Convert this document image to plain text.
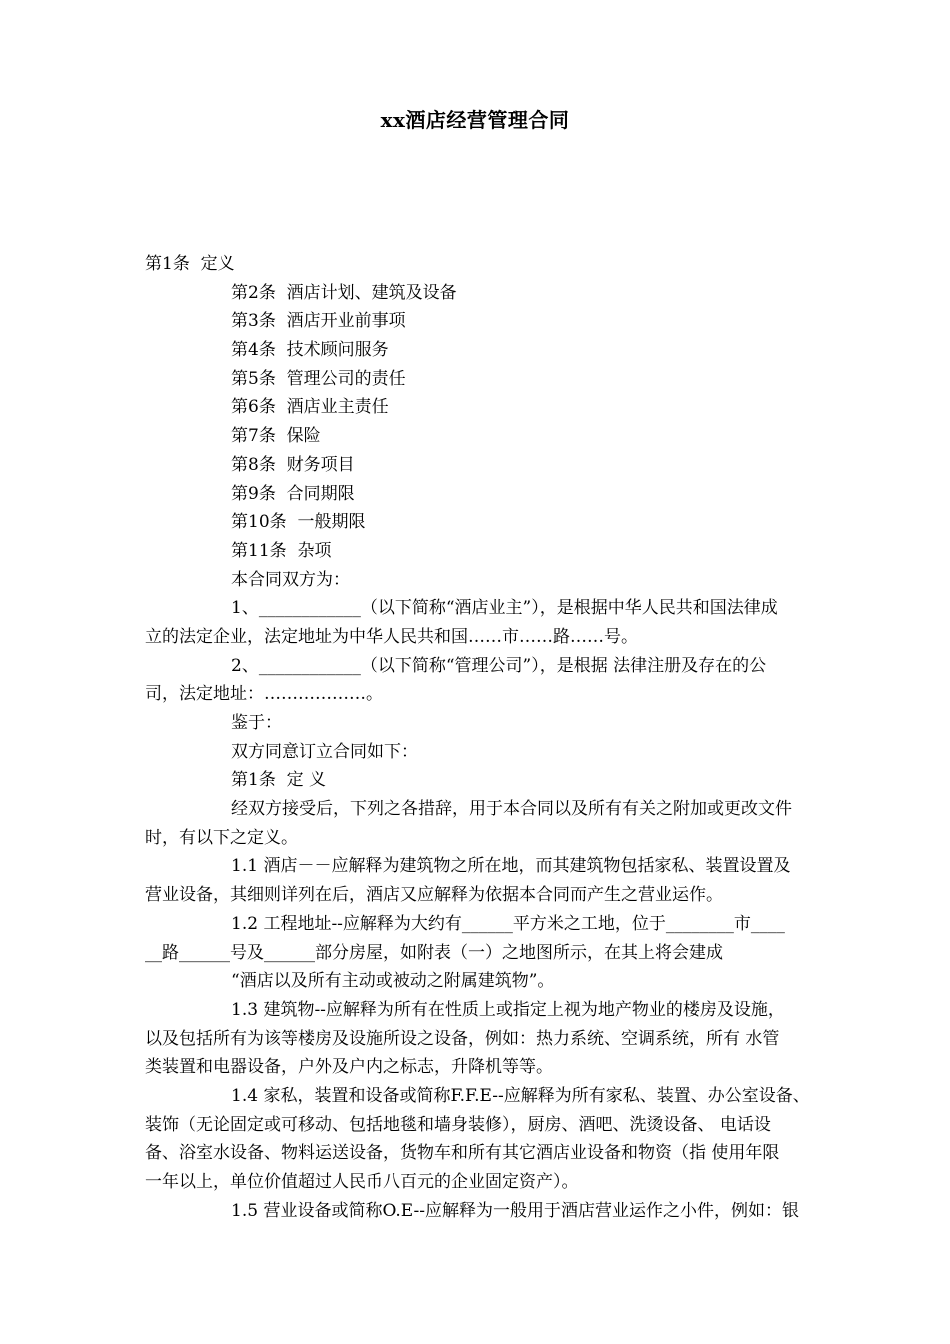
xx酒店经营管理合同
第1条  定义
第2条  酒店计划、建筑及设备
第3条  酒店开业前事项
第4条  技术顾问服务
第5条  管理公司的责任
第6条  酒店业主责任
第7条  保险
第8条  财务项目
第9条  合同期限
第10条  一般期限
第11条  杂项
本合同双方为：
1、____________（以下简称“酒店业主”），是根据中华人民共和国法律成
立的法定企业，法定地址为中华人民共和国……市……路……号。
2、____________（以下简称“管理公司”），是根据 法律注册及存在的公
司，法定地址：………………。
鉴于：
双方同意订立合同如下：
第1条  定 义
经双方接受后，下列之各措辞，用于本合同以及所有有关之附加或更改文件
时，有以下之定义。
1.1 酒店－－应解释为建筑物之所在地，而其建筑物包括家私、装置设置及
营业设备，其细则详列在后，酒店又应解释为依据本合同而产生之营业运作。
1.2 工程地址--应解释为大约有______平方米之工地，位于________市____
__路______号及______部分房屋，如附表（一）之地图所示，在其上将会建成
“酒店以及所有主动或被动之附属建筑物”。
1.3 建筑物--应解释为所有在性质上或指定上视为地产物业的楼房及设施，
以及包括所有为该等楼房及设施所设之设备，例如：热力系统、空调系统，所有 水管
类装置和电器设备，户外及户内之标志，升降机等等。
1.4 家私，装置和设备或简称F.F.E--应解释为所有家私、装置、办公室设备、
装饰（无论固定或可移动、包括地毯和墙身装修），厨房、酒吧、洗烫设备、 电话设
备、浴室水设备、物料运送设备，货物车和所有其它酒店业设备和物资（指 使用年限
一年以上，单位价值超过人民币八百元的企业固定资产）。
1.5 营业设备或简称O.E--应解释为一般用于酒店营业运作之小件，例如：银
